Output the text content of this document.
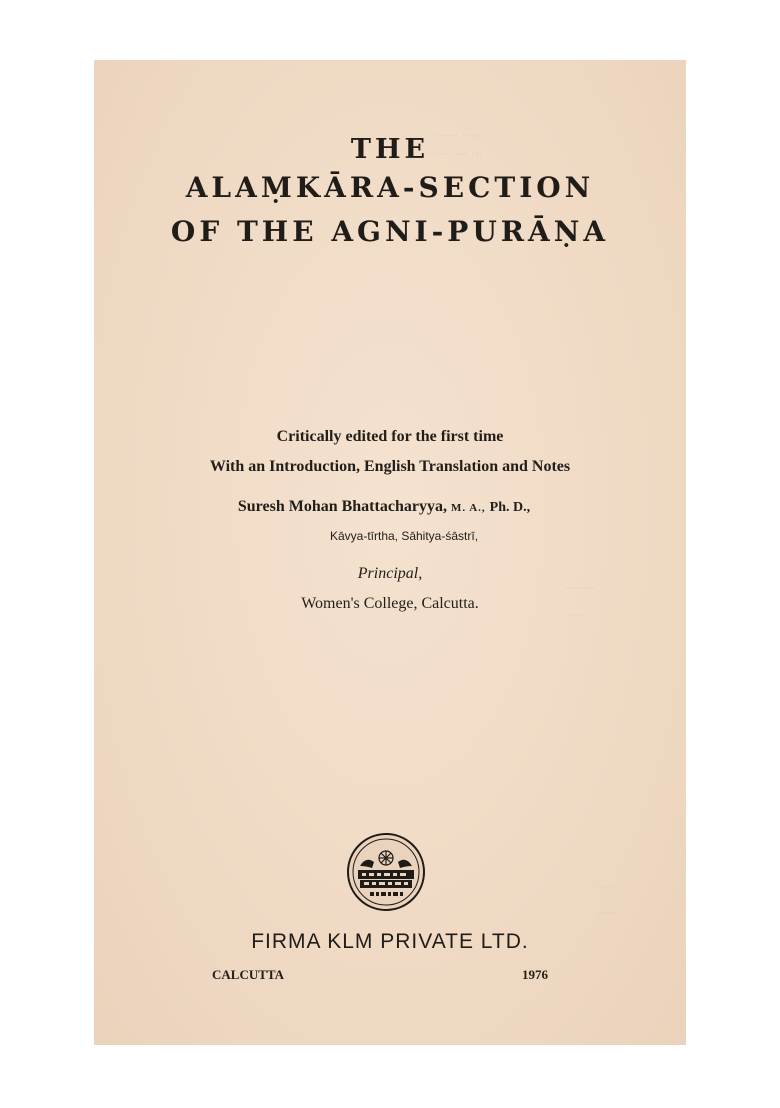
····· ······
··· ··· ·······
········
······
·····
······
THE
ALAṂKĀRA-SECTION
OF THE AGNI-PURĀṆA
Critically edited for the first time
With an Introduction, English Translation and Notes
Suresh Mohan Bhattacharyya, M. A., Ph. D.,
Kāvya-tīrtha, Sāhitya-śāstrī,
Principal,
Women's College, Calcutta.
FIRMA KLM PRIVATE LTD.
CALCUTTA	1976
